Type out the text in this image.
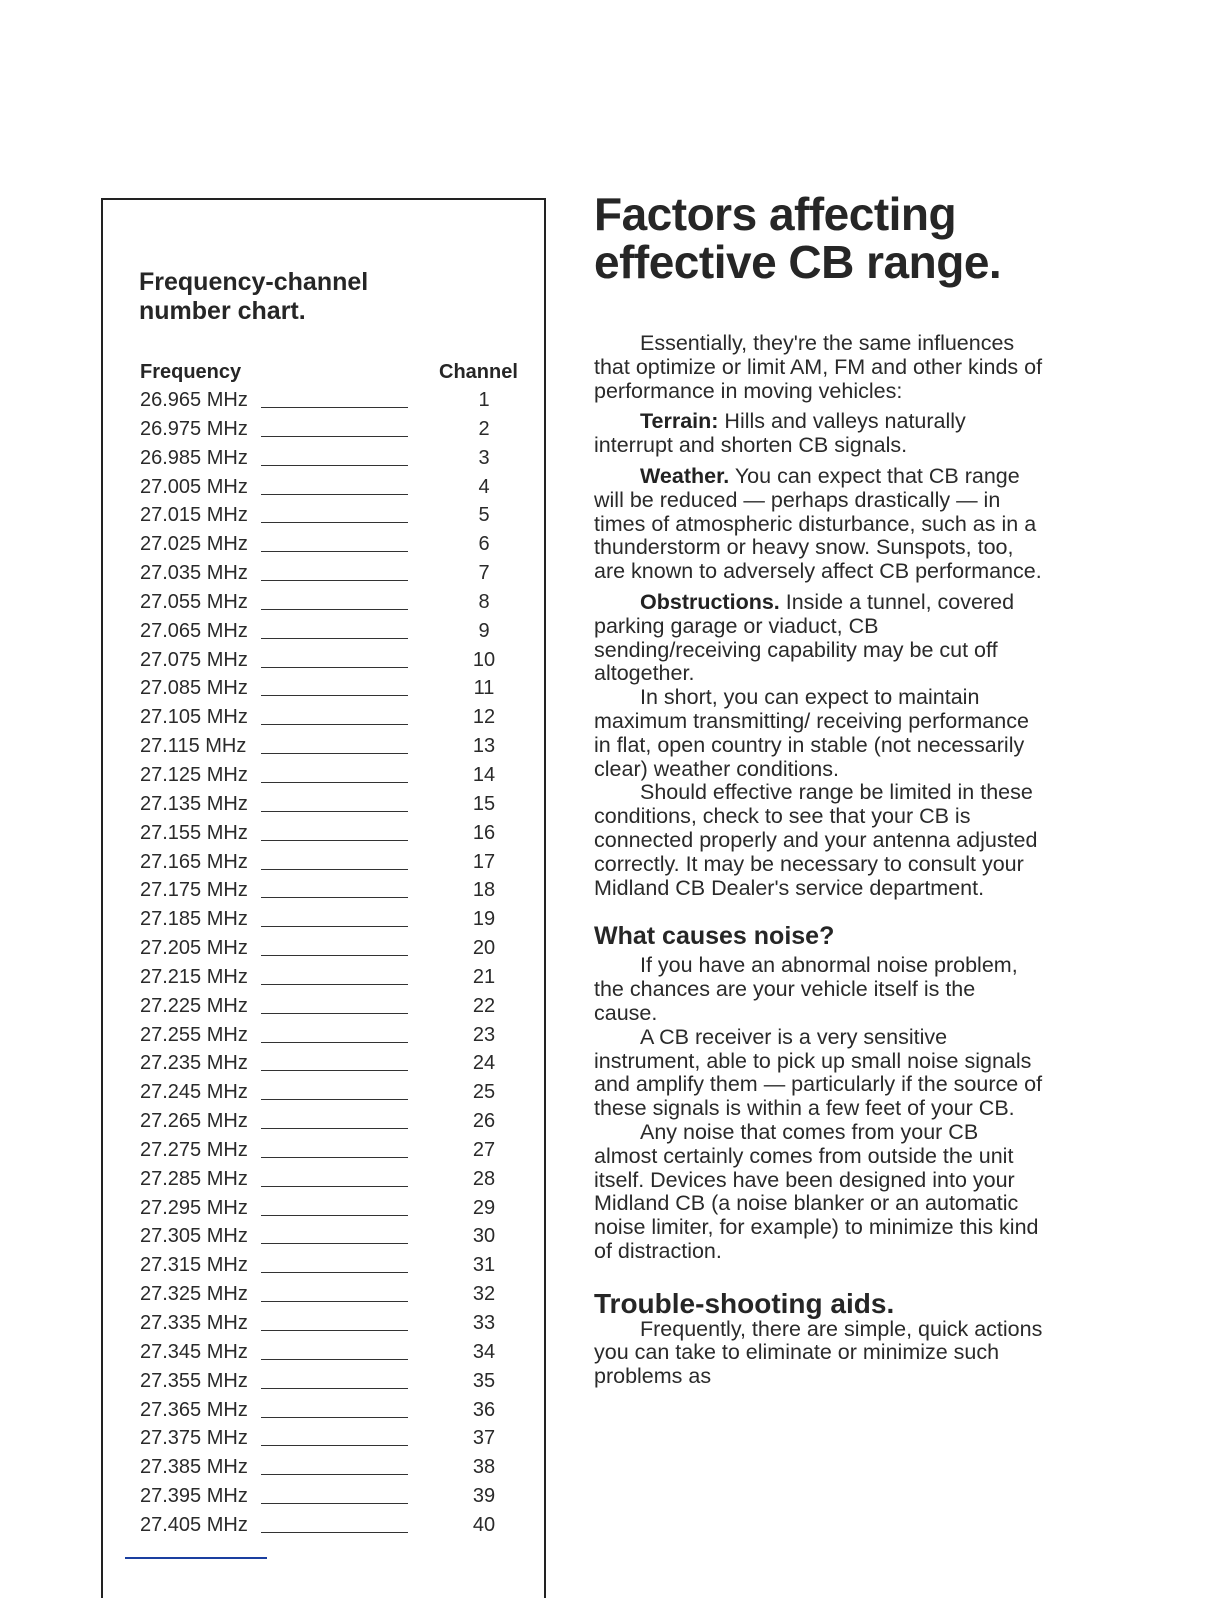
Frequency-channel
number chart.
Frequency	Channel
26.965 MHz	1
26.975 MHz	2
26.985 MHz	3
27.005 MHz	4
27.015 MHz	5
27.025 MHz	6
27.035 MHz	7
27.055 MHz	8
27.065 MHz	9
27.075 MHz	10
27.085 MHz	11
27.105 MHz	12
27.115 MHz	13
27.125 MHz	14
27.135 MHz	15
27.155 MHz	16
27.165 MHz	17
27.175 MHz	18
27.185 MHz	19
27.205 MHz	20
27.215 MHz	21
27.225 MHz	22
27.255 MHz	23
27.235 MHz	24
27.245 MHz	25
27.265 MHz	26
27.275 MHz	27
27.285 MHz	28
27.295 MHz	29
27.305 MHz	30
27.315 MHz	31
27.325 MHz	32
27.335 MHz	33
27.345 MHz	34
27.355 MHz	35
27.365 MHz	36
27.375 MHz	37
27.385 MHz	38
27.395 MHz	39
27.405 MHz	40
Factors affecting
effective CB range.

Essentially, they're the same influences that optimize or limit AM, FM and other kinds of performance in moving vehicles:

Terrain: Hills and valleys naturally interrupt and shorten CB signals.

Weather. You can expect that CB range will be reduced — perhaps drastically — in times of atmospheric disturbance, such as in a thunderstorm or heavy snow. Sunspots, too, are known to adversely affect CB performance.

Obstructions. Inside a tunnel, covered parking garage or viaduct, CB sending/receiving capability may be cut off altogether.

In short, you can expect to maintain maximum transmitting/ receiving performance in flat, open country in stable (not necessarily clear) weather conditions.

Should effective range be limited in these conditions, check to see that your CB is connected properly and your antenna adjusted correctly. It may be necessary to consult your Midland CB Dealer's service department.

What causes noise?

If you have an abnormal noise problem, the chances are your vehicle itself is the cause.

A CB receiver is a very sensitive instrument, able to pick up small noise signals and amplify them — particularly if the source of these signals is within a few feet of your CB.

Any noise that comes from your CB almost certainly comes from outside the unit itself. Devices have been designed into your Midland CB (a noise blanker or an automatic noise limiter, for example) to minimize this kind of distraction.

Trouble-shooting aids.

Frequently, there are simple, quick actions you can take to eliminate or minimize such problems as
